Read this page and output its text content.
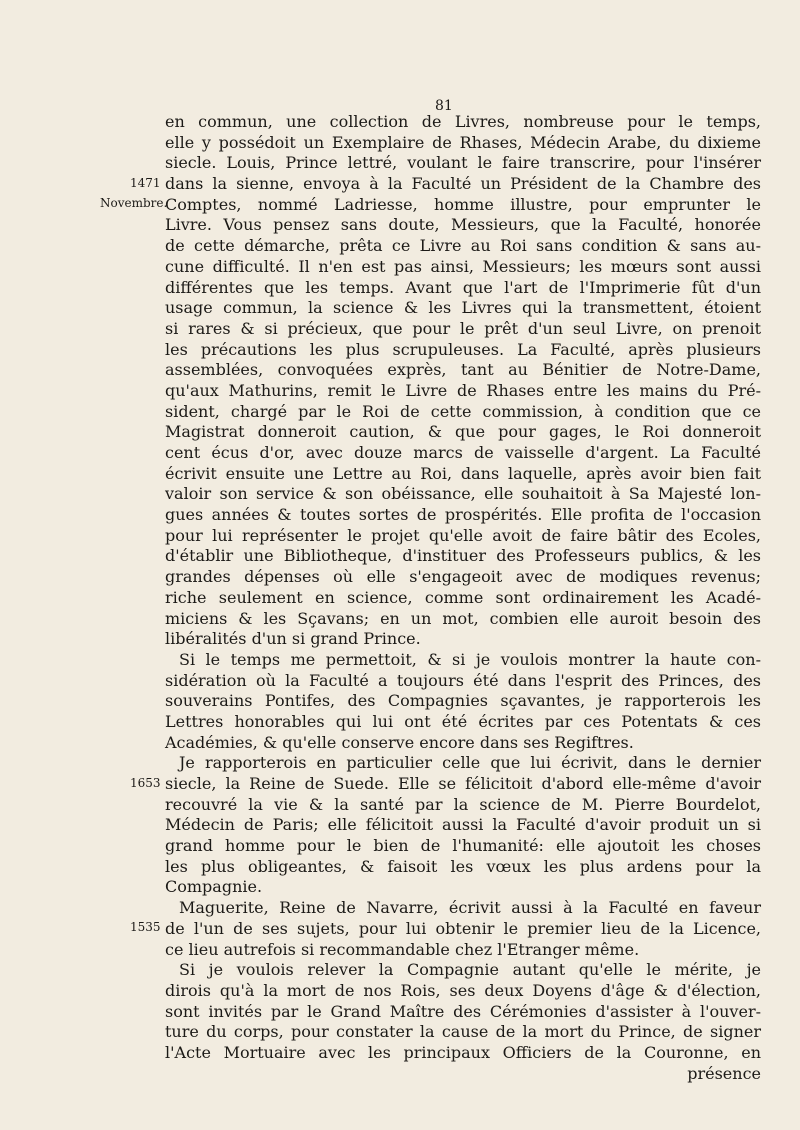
81
en commun, une collection de Livres, nombreuse pour le temps,
elle y possédoit un Exemplaire de Rhases, Médecin Arabe, du dixieme
siecle. Louis, Prince lettré, voulant le faire transcrire, pour l'insérer
dans la sienne, envoya à la Faculté un Président de la Chambre des
Comptes, nommé Ladriesse, homme illustre, pour emprunter le
Livre. Vous pensez sans doute, Messieurs, que la Faculté, honorée
de cette démarche, prêta ce Livre au Roi sans condition & sans au-
cune difficulté. Il n'en est pas ainsi, Messieurs; les mœurs sont aussi
différentes que les temps. Avant que l'art de l'Imprimerie fût d'un
usage commun, la science & les Livres qui la transmettent, étoient
si rares & si précieux, que pour le prêt d'un seul Livre, on prenoit
les précautions les plus scrupuleuses. La Faculté, après plusieurs
assemblées, convoquées exprès, tant au Bénitier de Notre-Dame,
qu'aux Mathurins, remit le Livre de Rhases entre les mains du Pré-
sident, chargé par le Roi de cette commission, à condition que ce
Magistrat donneroit caution, & que pour gages, le Roi donneroit
cent écus d'or, avec douze marcs de vaisselle d'argent. La Faculté
écrivit ensuite une Lettre au Roi, dans laquelle, après avoir bien fait
valoir son service & son obéissance, elle souhaitoit à Sa Majesté lon-
gues années & toutes sortes de prospérités. Elle profita de l'occasion
pour lui représenter le projet qu'elle avoit de faire bâtir des Ecoles,
d'établir une Bibliotheque, d'instituer des Professeurs publics, & les
grandes dépenses où elle s'engageoit avec de modiques revenus;
riche seulement en science, comme sont ordinairement les Acadé-
miciens & les Sçavans; en un mot, combien elle auroit besoin des
libéralités d'un si grand Prince.
Si le temps me permettoit, & si je voulois montrer la haute con-
sidération où la Faculté a toujours été dans l'esprit des Princes, des
souverains Pontifes, des Compagnies sçavantes, je rapporterois les
Lettres honorables qui lui ont été écrites par ces Potentats & ces
Académies, & qu'elle conserve encore dans ses Regiftres.
Je rapporterois en particulier celle que lui écrivit, dans le dernier
siecle, la Reine de Suede. Elle se félicitoit d'abord elle-même d'avoir
recouvré la vie & la santé par la science de M. Pierre Bourdelot,
Médecin de Paris; elle félicitoit aussi la Faculté d'avoir produit un si
grand homme pour le bien de l'humanité: elle ajoutoit les choses
les plus obligeantes, & faisoit les vœux les plus ardens pour la
Compagnie.
Maguerite, Reine de Navarre, écrivit aussi à la Faculté en faveur
de l'un de ses sujets, pour lui obtenir le premier lieu de la Licence,
ce lieu autrefois si recommandable chez l'Etranger même.
Si je voulois relever la Compagnie autant qu'elle le mérite, je
dirois qu'à la mort de nos Rois, ses deux Doyens d'âge & d'élection,
sont invités par le Grand Maître des Cérémonies d'assister à l'ouver-
ture du corps, pour constater la cause de la mort du Prince, de signer
l'Acte Mortuaire avec les principaux Officiers de la Couronne, en
présence
1471
Novembre.
1653
1535
